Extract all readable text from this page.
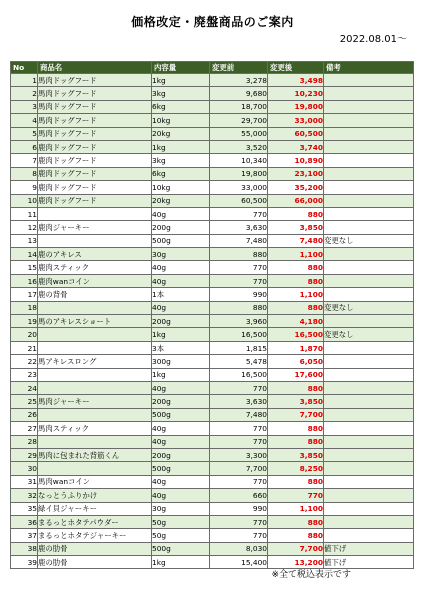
価格改定・廃盤商品のご案内
2022.08.01～
No	商品名	内容量	変更前	変更後	備考
1	馬肉ドッグフード	1kg	3,278	3,498	
2	馬肉ドッグフード	3kg	9,680	10,230	
3	馬肉ドッグフード	6kg	18,700	19,800	
4	馬肉ドッグフード	10kg	29,700	33,000	
5	馬肉ドッグフード	20kg	55,000	60,500	
6	鹿肉ドッグフード	1kg	3,520	3,740	
7	鹿肉ドッグフード	3kg	10,340	10,890	
8	鹿肉ドッグフード	6kg	19,800	23,100	
9	鹿肉ドッグフード	10kg	33,000	35,200	
10	鹿肉ドッグフード	20kg	60,500	66,000	
11		40g	770	880	
12	鹿肉ジャーキー	200g	3,630	3,850	
13		500g	7,480	7,480	変更なし
14	鹿のアキレス	30g	880	1,100	
15	鹿肉スティック	40g	770	880	
16	鹿肉wanコイン	40g	770	880	
17	鹿の背骨	1本	990	1,100	
18		40g	880	880	変更なし
19	馬のアキレスショート	200g	3,960	4,180	
20		1kg	16,500	16,500	変更なし
21		3本	1,815	1,870	
22	馬アキレスロング	300g	5,478	6,050	
23		1kg	16,500	17,600	
24		40g	770	880	
25	馬肉ジャーキー	200g	3,630	3,850	
26		500g	7,480	7,700	
27	馬肉スティック	40g	770	880	
28		40g	770	880	
29	馬肉に包まれた背筋くん	200g	3,300	3,850	
30		500g	7,700	8,250	
31	馬肉wanコイン	40g	770	880	
32	なっとうふりかけ	40g	660	770	
35	緑イ貝ジャーキー	30g	990	1,100	
36	まるっとホタテパウダー	50g	770	880	
37	まるっとホタテジャーキー	50g	770	880	
38	鹿の肋骨	500g	8,030	7,700	値下げ
39	鹿の肋骨	1kg	15,400	13,200	値下げ
※全て税込表示です
